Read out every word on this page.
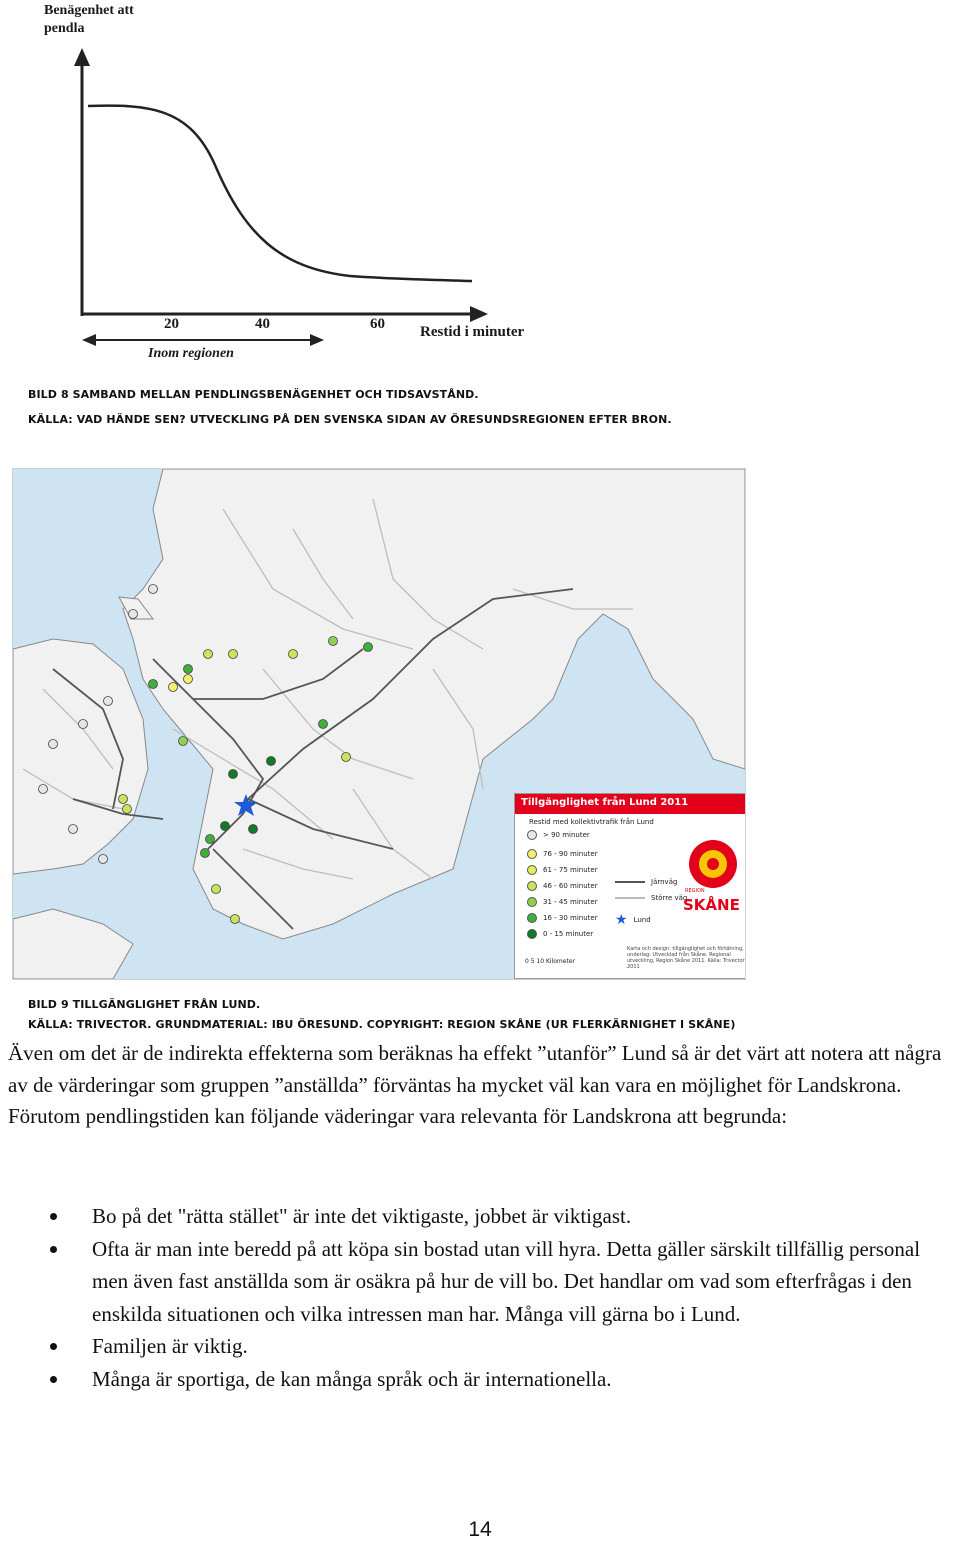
Benägenhet att
pendla
20	40	60 Restid i minuter
Inom regionen
BILD 8 SAMBAND MELLAN PENDLINGSBENÄGENHET OCH TIDSAVSTÅND.
KÄLLA: VAD HÄNDE SEN? UTVECKLING PÅ DEN SVENSKA SIDAN AV ÖRESUNDSREGIONEN EFTER BRON.
Tillgänglighet från Lund 2011
Restid med kollektivtrafik från Lund
> 90 minuter
76 - 90 minuter
61 - 75 minuter
46 - 60 minuter
31 - 45 minuter
16 - 30 minuter
0 - 15 minuter
Järnväg
Större väg
★ Lund
REGION
SKÅNE
Karta och design: tillgänglighet och förtätning, underlag: Utvecklad från Skåne. Regional utveckling, Region Skåne 2011. Källa: Trivector 2011
0 5 10 Kilometer
BILD 9 TILLGÄNGLIGHET FRÅN LUND.
KÄLLA: TRIVECTOR. GRUNDMATERIAL: IBU ÖRESUND. COPYRIGHT: REGION SKÅNE (UR FLERKÄRNIGHET I SKÅNE)
Även om det är de indirekta effekterna som beräknas ha effekt ”utanför” Lund så är det värt att notera att några av de värderingar som gruppen ”anställda” förväntas ha mycket väl kan vara en möjlighet för Landskrona. Förutom pendlingstiden kan följande väderingar vara relevanta för Landskrona att begrunda:
Bo på det "rätta stället" är inte det viktigaste, jobbet är viktigast.
Ofta är man inte beredd på att köpa sin bostad utan vill hyra. Detta gäller särskilt tillfällig personal men även fast anställda som är osäkra på hur de vill bo. Det handlar om vad som efterfrågas i den enskilda situationen och vilka intressen man har. Många vill gärna bo i Lund.
Familjen är viktig.
Många är sportiga, de kan många språk och är internationella.
14
